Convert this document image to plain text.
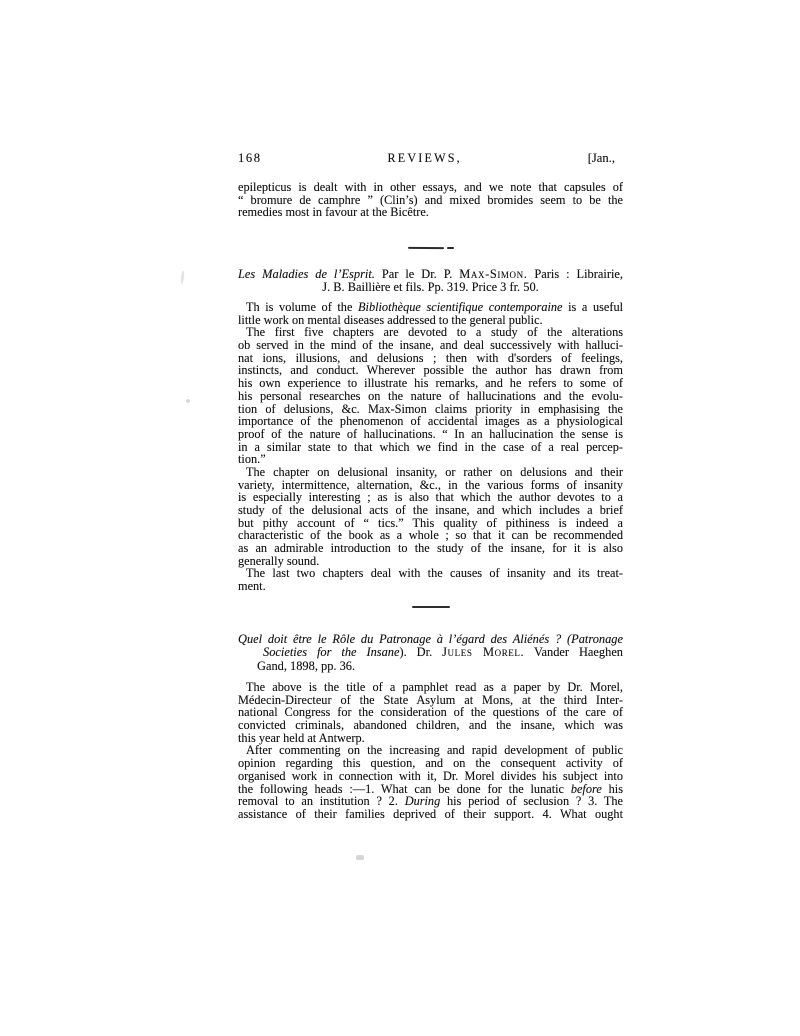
168	REVIEWS,	[Jan.,
epilepticus is dealt with in other essays, and we note that capsules of
“ bromure de camphre ” (Clin’s) and mixed bromides seem to be the
remedies most in favour at the Bicêtre.
Les Maladies de l’Esprit. Par le Dr. P. Max-Simon. Paris : Librairie,
J. B. Baillière et fils. Pp. 319. Price 3 fr. 50.
Th is volume of the Bibliothèque scientifique contemporaine is a useful
little work on mental diseases addressed to the general public.
The first five chapters are devoted to a study of the alterations
ob served in the mind of the insane, and deal successively with halluci-
nat ions, illusions, and delusions ; then with d'sorders of feelings,
instincts, and conduct. Wherever possible the author has drawn from
his own experience to illustrate his remarks, and he refers to some of
his personal researches on the nature of hallucinations and the evolu-
tion of delusions, &c. Max-Simon claims priority in emphasising the
importance of the phenomenon of accidental images as a physiological
proof of the nature of hallucinations. “ In an hallucination the sense is
in a similar state to that which we find in the case of a real percep-
tion.”
The chapter on delusional insanity, or rather on delusions and their
variety, intermittence, alternation, &c., in the various forms of insanity
is especially interesting ; as is also that which the author devotes to a
study of the delusional acts of the insane, and which includes a brief
but pithy account of “ tics.” This quality of pithiness is indeed a
characteristic of the book as a whole ; so that it can be recommended
as an admirable introduction to the study of the insane, for it is also
generally sound.
The last two chapters deal with the causes of insanity and its treat-
ment.
Quel doit être le Rôle du Patronage à l’égard des Aliénés ? (Patronage
Societies for the Insane). Dr. Jules Morel. Vander Haeghen
Gand, 1898, pp. 36.
The above is the title of a pamphlet read as a paper by Dr. Morel,
Médecin-Directeur of the State Asylum at Mons, at the third Inter-
national Congress for the consideration of the questions of the care of
convicted criminals, abandoned children, and the insane, which was
this year held at Antwerp.
After commenting on the increasing and rapid development of public
opinion regarding this question, and on the consequent activity of
organised work in connection with it, Dr. Morel divides his subject into
the following heads :—1. What can be done for the lunatic before his
removal to an institution ? 2. During his period of seclusion ? 3. The
assistance of their families deprived of their support. 4. What ought
